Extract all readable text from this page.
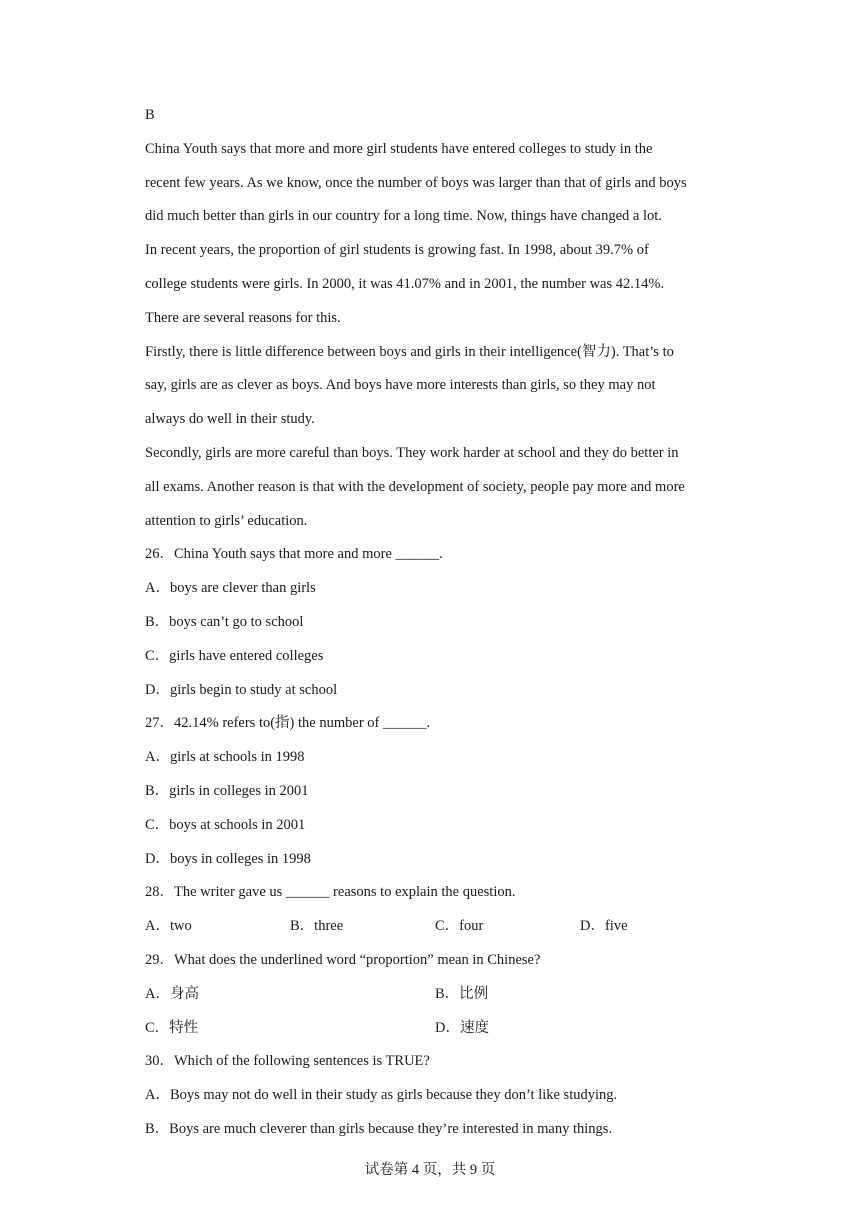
B
China Youth says that more and more girl students have entered colleges to study in the
recent few years. As we know, once the number of boys was larger than that of girls and boys
did much better than girls in our country for a long time. Now, things have changed a lot.
In recent years, the proportion of girl students is growing fast. In 1998, about 39.7% of
college students were girls. In 2000, it was 41.07% and in 2001, the number was 42.14%.
There are several reasons for this.
Firstly, there is little difference between boys and girls in their intelligence(智力). That’s to
say, girls are as clever as boys. And boys have more interests than girls, so they may not
always do well in their study.
Secondly, girls are more careful than boys. They work harder at school and they do better in
all exams. Another reason is that with the development of society, people pay more and more
attention to girls’ education.
26．China Youth says that more and more ______.
A．boys are clever than girls
B．boys can’t go to school
C．girls have entered colleges
D．girls begin to study at school
27．42.14% refers to(指) the number of ______.
A．girls at schools in 1998
B．girls in colleges in 2001
C．boys at schools in 2001
D．boys in colleges in 1998
28．The writer gave us ______ reasons to explain the question.
A．two	B．three	C．four	D．five
29．What does the underlined word “proportion” mean in Chinese?
A．身高	B．比例
C．特性	D．速度
30．Which of the following sentences is TRUE?
A．Boys may not do well in their study as girls because they don’t like studying.
B．Boys are much cleverer than girls because they’re interested in many things.
试卷第 4 页，共 9 页
